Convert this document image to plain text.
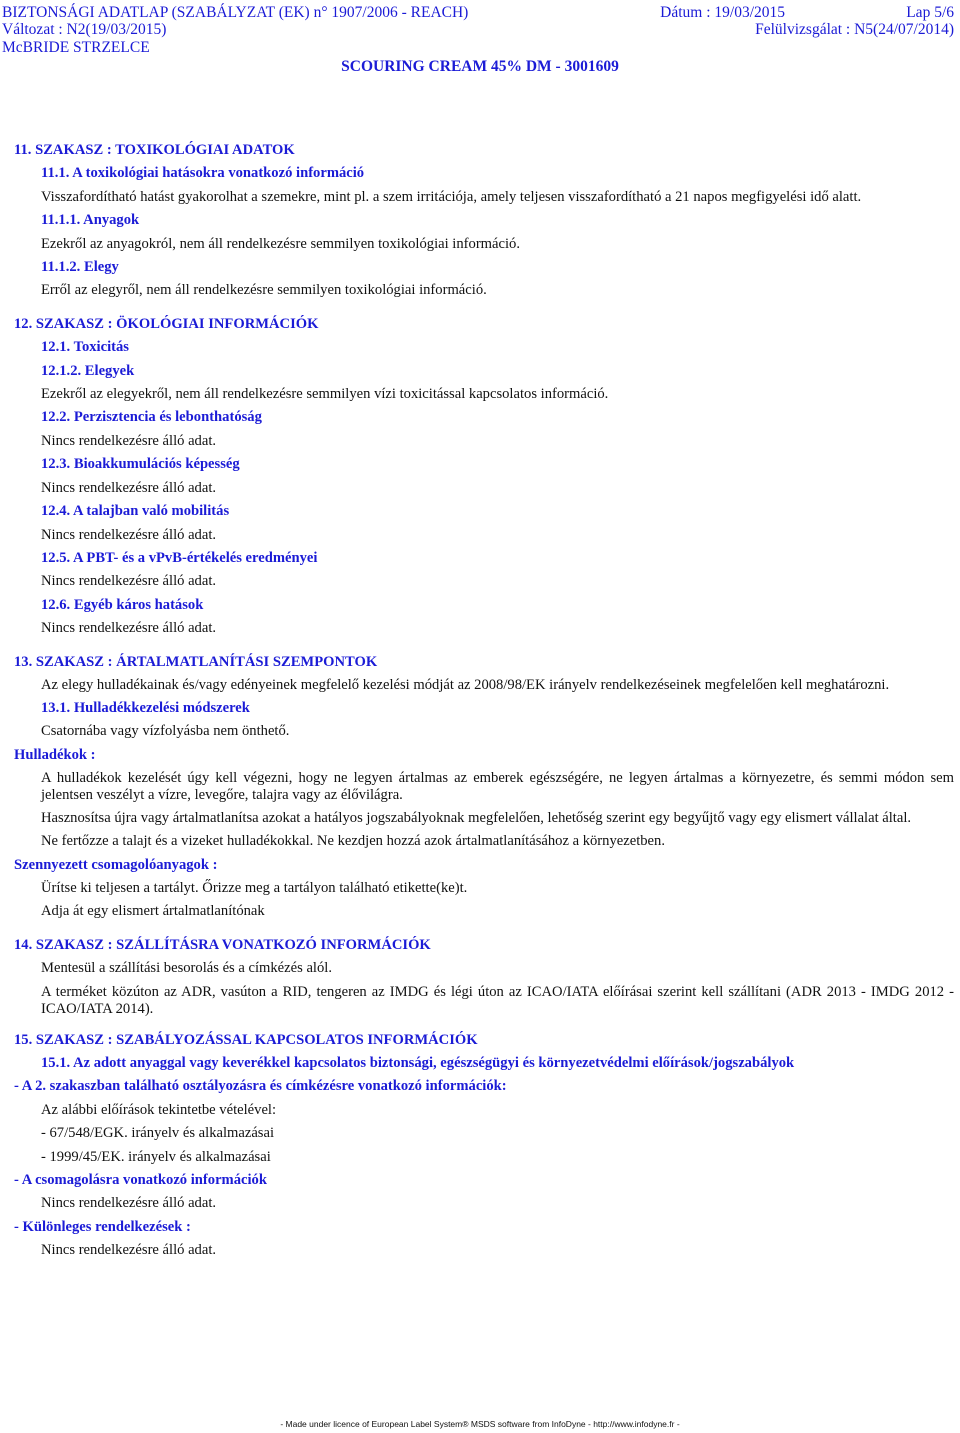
BIZTONSÁGI ADATLAP (SZABÁLYZAT (EK) n° 1907/2006 - REACH)	Dátum : 19/03/2015	Lap 5/6
Változat : N2(19/03/2015)	Felülvizsgálat : N5(24/07/2014)
McBRIDE STRZELCE
SCOURING CREAM 45% DM - 3001609
11. SZAKASZ : TOXIKOLÓGIAI ADATOK
11.1. A toxikológiai hatásokra vonatkozó információ
Visszafordítható hatást gyakorolhat a szemekre, mint pl. a szem irritációja, amely teljesen visszafordítható a 21 napos megfigyelési idő alatt.
11.1.1. Anyagok
Ezekről az anyagokról, nem áll rendelkezésre semmilyen toxikológiai információ.
11.1.2. Elegy
Erről az elegyről, nem áll rendelkezésre semmilyen toxikológiai információ.
12. SZAKASZ : ÖKOLÓGIAI INFORMÁCIÓK
12.1. Toxicitás
12.1.2. Elegyek
Ezekről az elegyekről, nem áll rendelkezésre semmilyen vízi toxicitással kapcsolatos információ.
12.2. Perzisztencia és lebonthatóság
Nincs rendelkezésre álló adat.
12.3. Bioakkumulációs képesség
Nincs rendelkezésre álló adat.
12.4. A talajban való mobilitás
Nincs rendelkezésre álló adat.
12.5. A PBT- és a vPvB-értékelés eredményei
Nincs rendelkezésre álló adat.
12.6. Egyéb káros hatások
Nincs rendelkezésre álló adat.
13. SZAKASZ : ÁRTALMATLANÍTÁSI SZEMPONTOK
Az elegy hulladékainak és/vagy edényeinek megfelelő kezelési módját az 2008/98/EK irányelv rendelkezéseinek megfelelően kell meghatározni.
13.1. Hulladékkezelési módszerek
Csatornába vagy vízfolyásba nem önthető.
Hulladékok :
A hulladékok kezelését úgy kell végezni, hogy ne legyen ártalmas az emberek egészségére, ne legyen ártalmas a környezetre, és semmi módon sem jelentsen veszélyt a vízre, levegőre, talajra vagy az élővilágra.
Hasznosítsa újra vagy ártalmatlanítsa azokat a hatályos jogszabályoknak megfelelően, lehetőség szerint egy begyűjtő vagy egy elismert vállalat által.
Ne fertőzze a talajt és a vizeket hulladékokkal. Ne kezdjen hozzá azok ártalmatlanításához a környezetben.
Szennyezett csomagolóanyagok :
Ürítse ki teljesen a tartályt. Őrizze meg a tartályon található etikette(ke)t.
Adja át egy elismert ártalmatlanítónak
14. SZAKASZ : SZÁLLÍTÁSRA VONATKOZÓ INFORMÁCIÓK
Mentesül a szállítási besorolás és a címkézés alól.
A terméket közúton az ADR, vasúton a RID, tengeren az IMDG és légi úton az ICAO/IATA előírásai szerint kell szállítani (ADR 2013 - IMDG 2012 - ICAO/IATA 2014).
15. SZAKASZ : SZABÁLYOZÁSSAL KAPCSOLATOS INFORMÁCIÓK
15.1. Az adott anyaggal vagy keverékkel kapcsolatos biztonsági, egészségügyi és környezetvédelmi előírások/jogszabályok
- A 2. szakaszban található osztályozásra és címkézésre vonatkozó információk:
Az alábbi előírások tekintetbe vételével:
- 67/548/EGK. irányelv és alkalmazásai
- 1999/45/EK. irányelv és alkalmazásai
- A csomagolásra vonatkozó információk
Nincs rendelkezésre álló adat.
- Különleges rendelkezések :
Nincs rendelkezésre álló adat.
- Made under licence of European Label System® MSDS software from InfoDyne - http://www.infodyne.fr -
